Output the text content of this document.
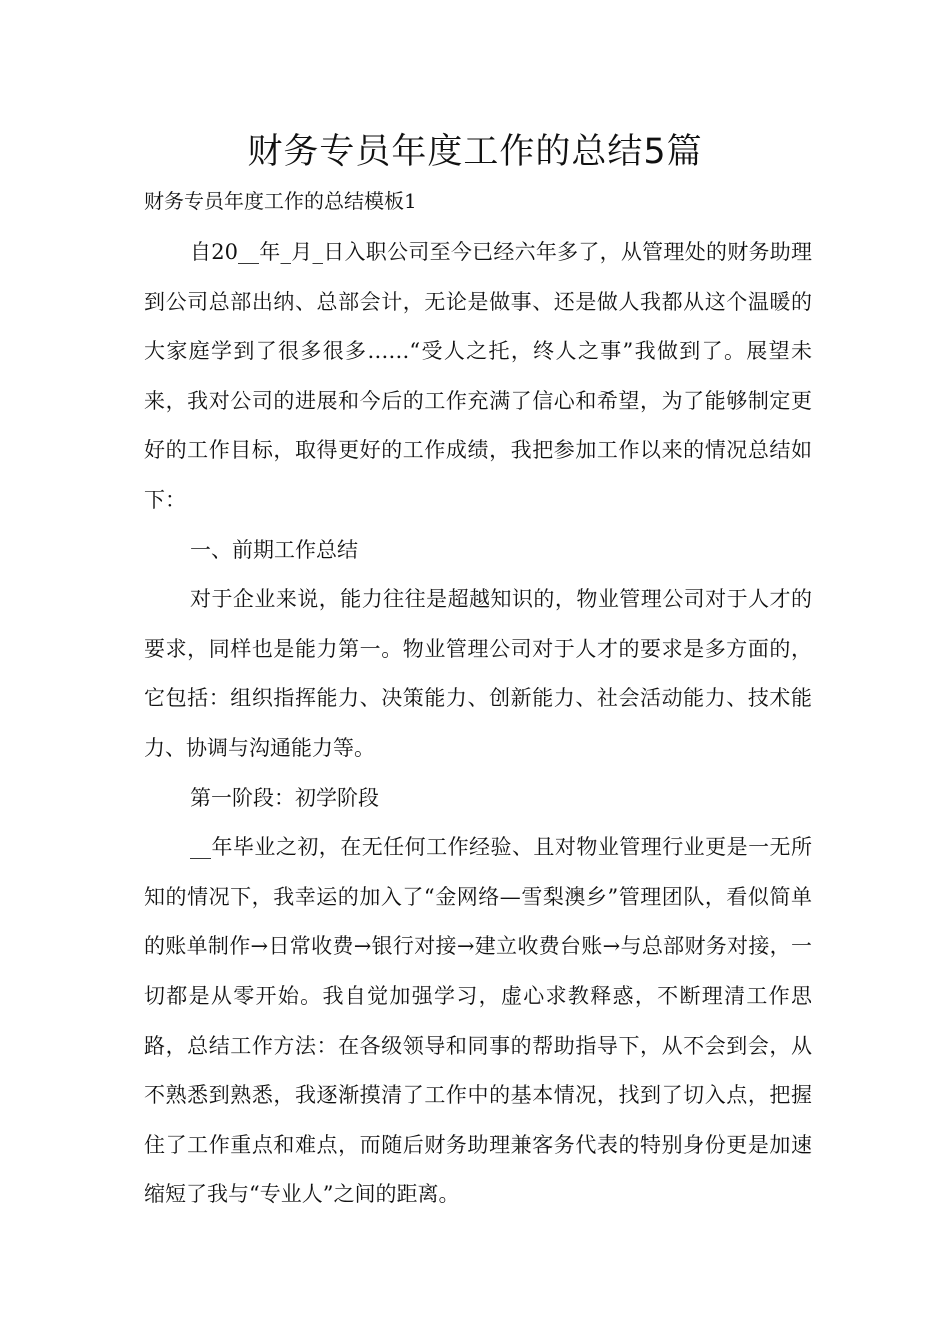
财务专员年度工作的总结5篇

财务专员年度工作的总结模板1

自20__年_月_日入职公司至今已经六年多了，从管理处的财务助理到公司总部出纳、总部会计，无论是做事、还是做人我都从这个温暖的大家庭学到了很多很多……“受人之托，终人之事”我做到了。展望未来，我对公司的进展和今后的工作充满了信心和希望，为了能够制定更好的工作目标，取得更好的工作成绩，我把参加工作以来的情况总结如下：

一、前期工作总结

对于企业来说，能力往往是超越知识的，物业管理公司对于人才的要求，同样也是能力第一。物业管理公司对于人才的要求是多方面的，它包括：组织指挥能力、决策能力、创新能力、社会活动能力、技术能力、协调与沟通能力等。

第一阶段：初学阶段

__年毕业之初，在无任何工作经验、且对物业管理行业更是一无所知的情况下，我幸运的加入了“金网络—雪梨澳乡”管理团队，看似简单的账单制作→日常收费→银行对接→建立收费台账→与总部财务对接，一切都是从零开始。我自觉加强学习，虚心求教释惑，不断理清工作思路，总结工作方法：在各级领导和同事的帮助指导下，从不会到会，从不熟悉到熟悉，我逐渐摸清了工作中的基本情况，找到了切入点，把握住了工作重点和难点，而随后财务助理兼客务代表的特别身份更是加速缩短了我与“专业人”之间的距离。
